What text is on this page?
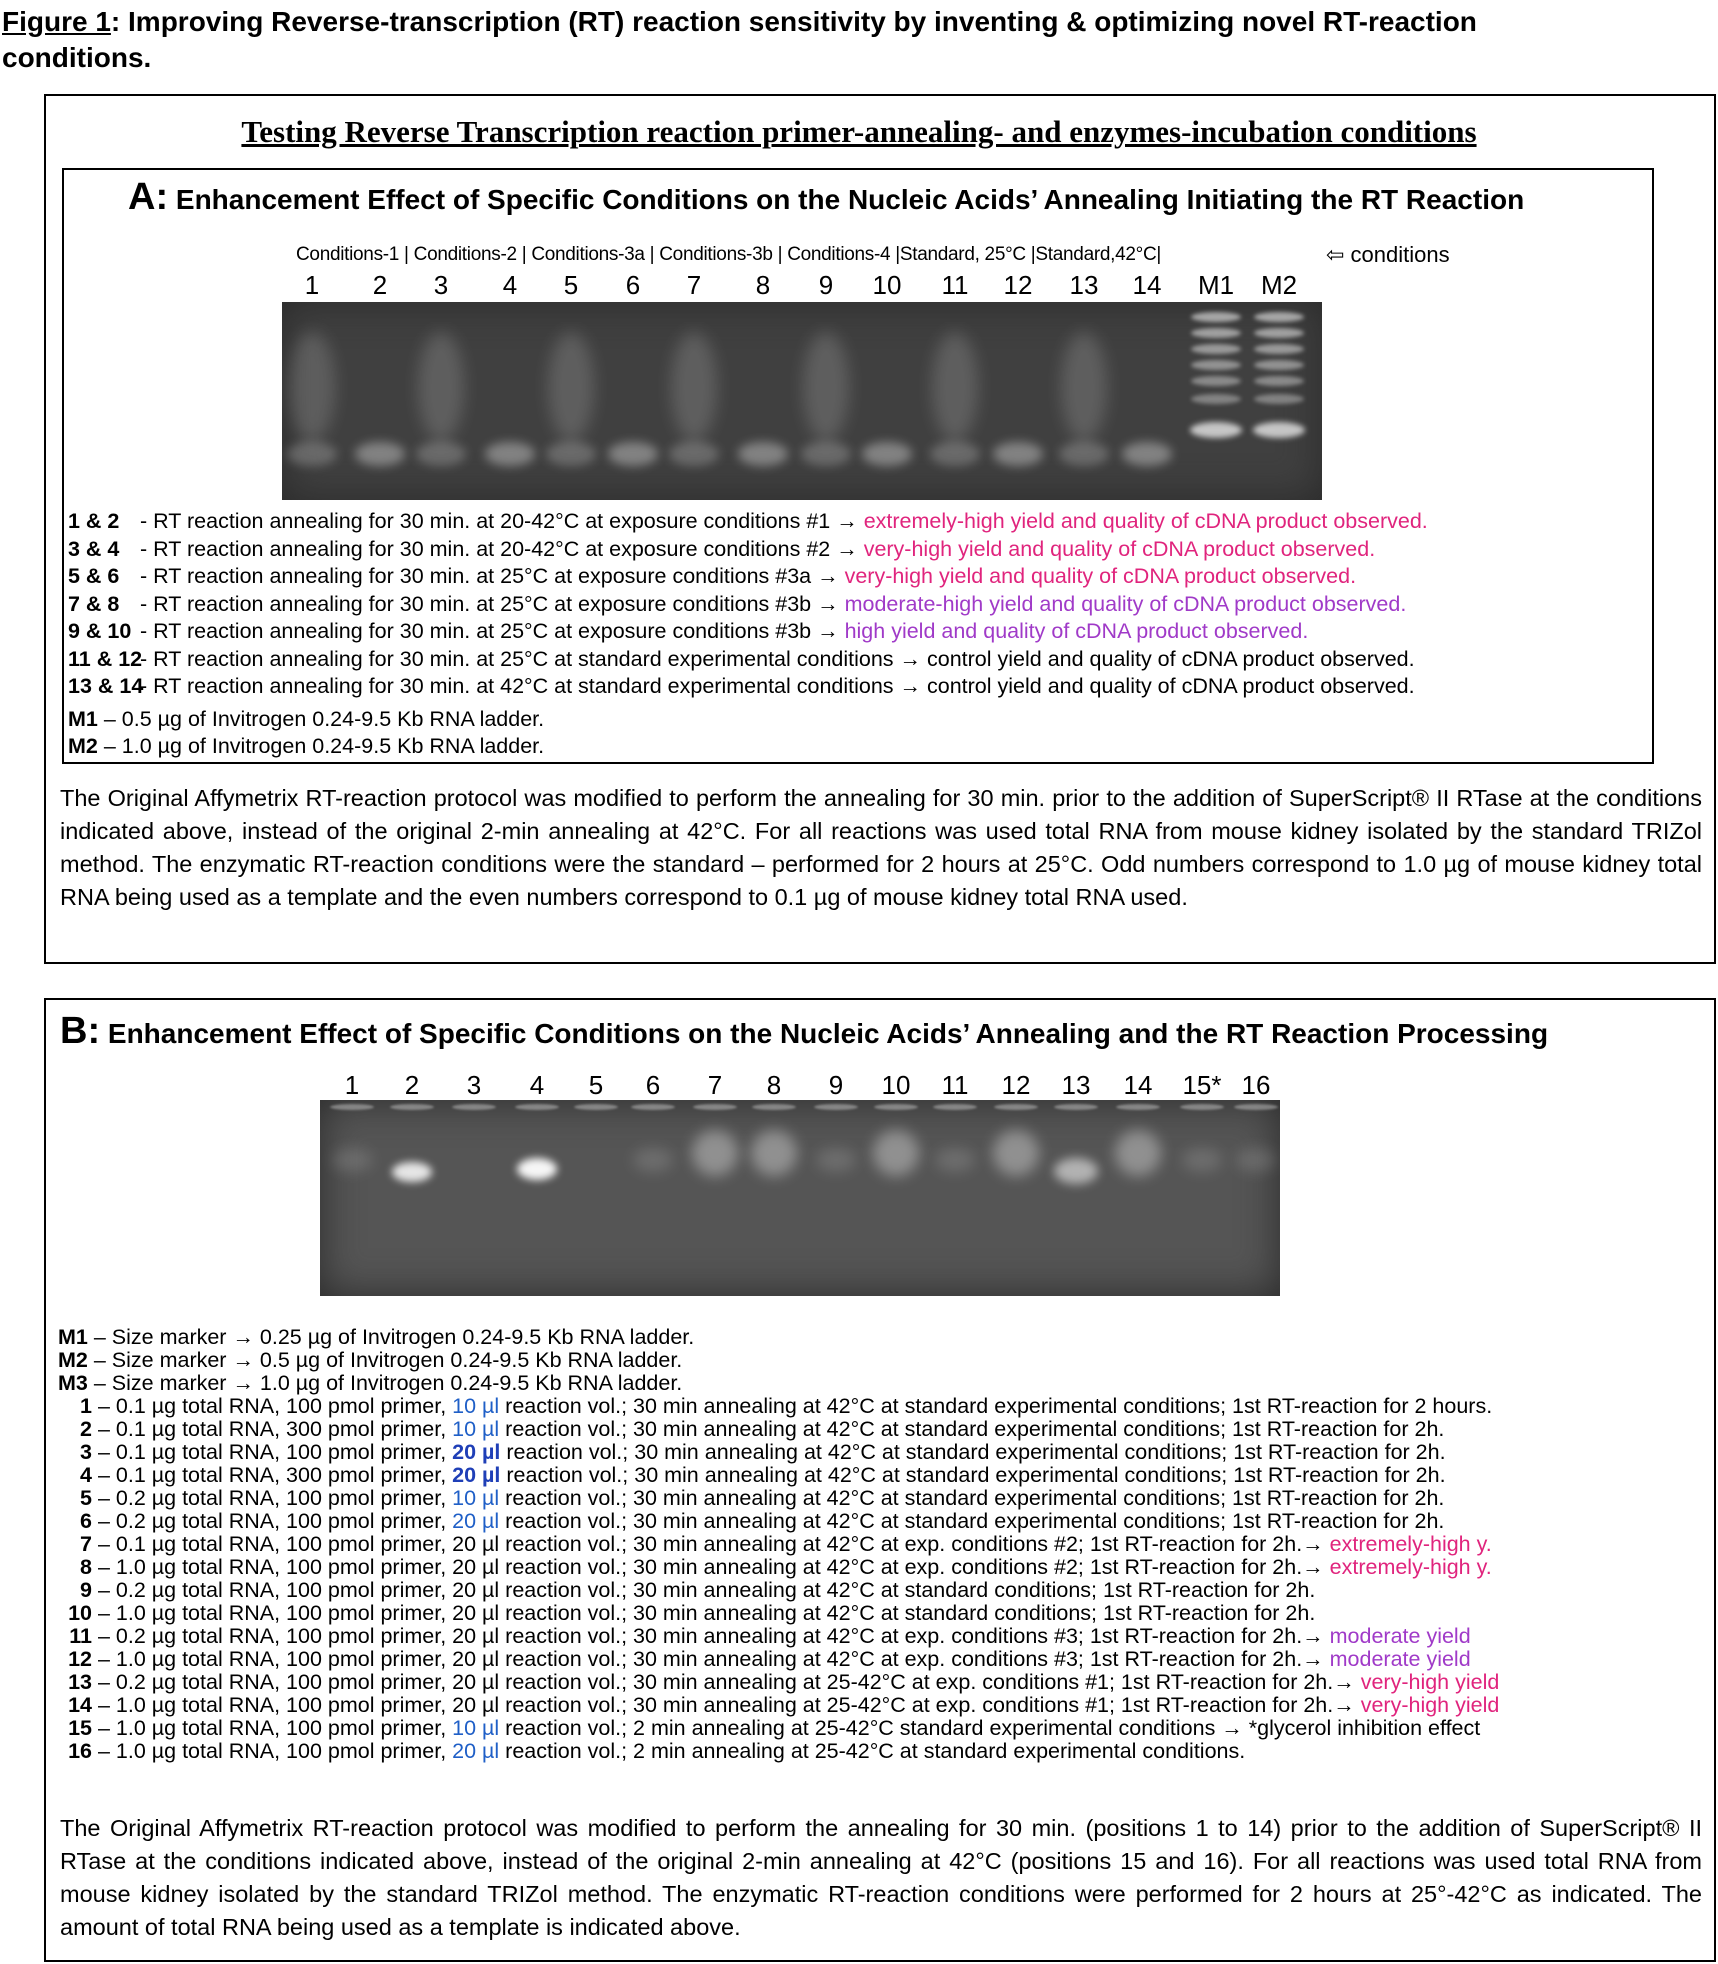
Figure 1: Improving Reverse-transcription (RT) reaction sensitivity by inventing & optimizing novel RT-reaction
conditions.
Testing Reverse Transcription reaction primer-annealing- and enzymes-incubation conditions
A: Enhancement Effect of Specific Conditions on the Nucleic Acids’ Annealing Initiating the RT Reaction
Conditions-1 | Conditions-2 | Conditions-3a | Conditions-3b | Conditions-4 |Standard, 25°C |Standard,42°C|	⇦ conditions
1	2	3	4	5	6	7	8	9	10	11	12	13	14	M1 M2
1 & 2 - RT reaction annealing for 30 min. at 20-42°C at exposure conditions #1 → extremely-high yield and quality of cDNA product observed.
3 & 4 - RT reaction annealing for 30 min. at 20-42°C at exposure conditions #2 → very-high yield and quality of cDNA product observed.
5 & 6 - RT reaction annealing for 30 min. at 25°C at exposure conditions #3a → very-high yield and quality of cDNA product observed.
7 & 8 - RT reaction annealing for 30 min. at 25°C at exposure conditions #3b → moderate-high yield and quality of cDNA product observed.
9 & 10 - RT reaction annealing for 30 min. at 25°C at exposure conditions #3b → high yield and quality of cDNA product observed.
11 & 12- RT reaction annealing for 30 min. at 25°C at standard experimental conditions → control yield and quality of cDNA product observed.
13 & 14- RT reaction annealing for 30 min. at 42°C at standard experimental conditions → control yield and quality of cDNA product observed.
M1 – 0.5 µg of Invitrogen 0.24-9.5 Kb RNA ladder.
M2 – 1.0 µg of Invitrogen 0.24-9.5 Kb RNA ladder.
The Original Affymetrix RT-reaction protocol was modified to perform the annealing for 30 min. prior to the addition of SuperScript® II RTase at the conditions indicated above, instead of the original 2-min annealing at 42°C. For all reactions was used total RNA from mouse kidney isolated by the standard TRIZol method. The enzymatic RT-reaction conditions were the standard – performed for 2 hours at 25°C. Odd numbers correspond to 1.0 µg of mouse kidney total RNA being used as a template and the even numbers correspond to 0.1 µg of mouse kidney total RNA used.
B: Enhancement Effect of Specific Conditions on the Nucleic Acids’ Annealing and the RT Reaction Processing
1	2	3	4	5	6	7	8	9	10	11	12	13	14	15* 16
M1 – Size marker → 0.25 µg of Invitrogen 0.24-9.5 Kb RNA ladder.
M2 – Size marker → 0.5 µg of Invitrogen 0.24-9.5 Kb RNA ladder.
M3 – Size marker → 1.0 µg of Invitrogen 0.24-9.5 Kb RNA ladder.
1 – 0.1 µg total RNA, 100 pmol primer, 10 µl reaction vol.; 30 min annealing at 42°C at standard experimental conditions; 1st RT-reaction for 2 hours.
2 – 0.1 µg total RNA, 300 pmol primer, 10 µl reaction vol.; 30 min annealing at 42°C at standard experimental conditions; 1st RT-reaction for 2h.
3 – 0.1 µg total RNA, 100 pmol primer, 20 µl reaction vol.; 30 min annealing at 42°C at standard experimental conditions; 1st RT-reaction for 2h.
4 – 0.1 µg total RNA, 300 pmol primer, 20 µl reaction vol.; 30 min annealing at 42°C at standard experimental conditions; 1st RT-reaction for 2h.
5 – 0.2 µg total RNA, 100 pmol primer, 10 µl reaction vol.; 30 min annealing at 42°C at standard experimental conditions; 1st RT-reaction for 2h.
6 – 0.2 µg total RNA, 100 pmol primer, 20 µl reaction vol.; 30 min annealing at 42°C at standard experimental conditions; 1st RT-reaction for 2h.
7 – 0.1 µg total RNA, 100 pmol primer, 20 µl reaction vol.; 30 min annealing at 42°C at exp. conditions #2; 1st RT-reaction for 2h.→ extremely-high y.
8 – 1.0 µg total RNA, 100 pmol primer, 20 µl reaction vol.; 30 min annealing at 42°C at exp. conditions #2; 1st RT-reaction for 2h.→ extremely-high y.
9 – 0.2 µg total RNA, 100 pmol primer, 20 µl reaction vol.; 30 min annealing at 42°C at standard conditions; 1st RT-reaction for 2h.
10 – 1.0 µg total RNA, 100 pmol primer, 20 µl reaction vol.; 30 min annealing at 42°C at standard conditions; 1st RT-reaction for 2h.
11 – 0.2 µg total RNA, 100 pmol primer, 20 µl reaction vol.; 30 min annealing at 42°C at exp. conditions #3; 1st RT-reaction for 2h.→ moderate yield
12 – 1.0 µg total RNA, 100 pmol primer, 20 µl reaction vol.; 30 min annealing at 42°C at exp. conditions #3; 1st RT-reaction for 2h.→ moderate yield
13 – 0.2 µg total RNA, 100 pmol primer, 20 µl reaction vol.; 30 min annealing at 25-42°C at exp. conditions #1; 1st RT-reaction for 2h.→ very-high yield
14 – 1.0 µg total RNA, 100 pmol primer, 20 µl reaction vol.; 30 min annealing at 25-42°C at exp. conditions #1; 1st RT-reaction for 2h.→ very-high yield
15 – 1.0 µg total RNA, 100 pmol primer, 10 µl reaction vol.; 2 min annealing at 25-42°C standard experimental conditions → *glycerol inhibition effect
16 – 1.0 µg total RNA, 100 pmol primer, 20 µl reaction vol.; 2 min annealing at 25-42°C at standard experimental conditions.
The Original Affymetrix RT-reaction protocol was modified to perform the annealing for 30 min. (positions 1 to 14) prior to the addition of SuperScript® II RTase at the conditions indicated above, instead of the original 2-min annealing at 42°C (positions 15 and 16). For all reactions was used total RNA from mouse kidney isolated by the standard TRIZol method. The enzymatic RT-reaction conditions were performed for 2 hours at 25°-42°C as indicated. The amount of total RNA being used as a template is indicated above.
